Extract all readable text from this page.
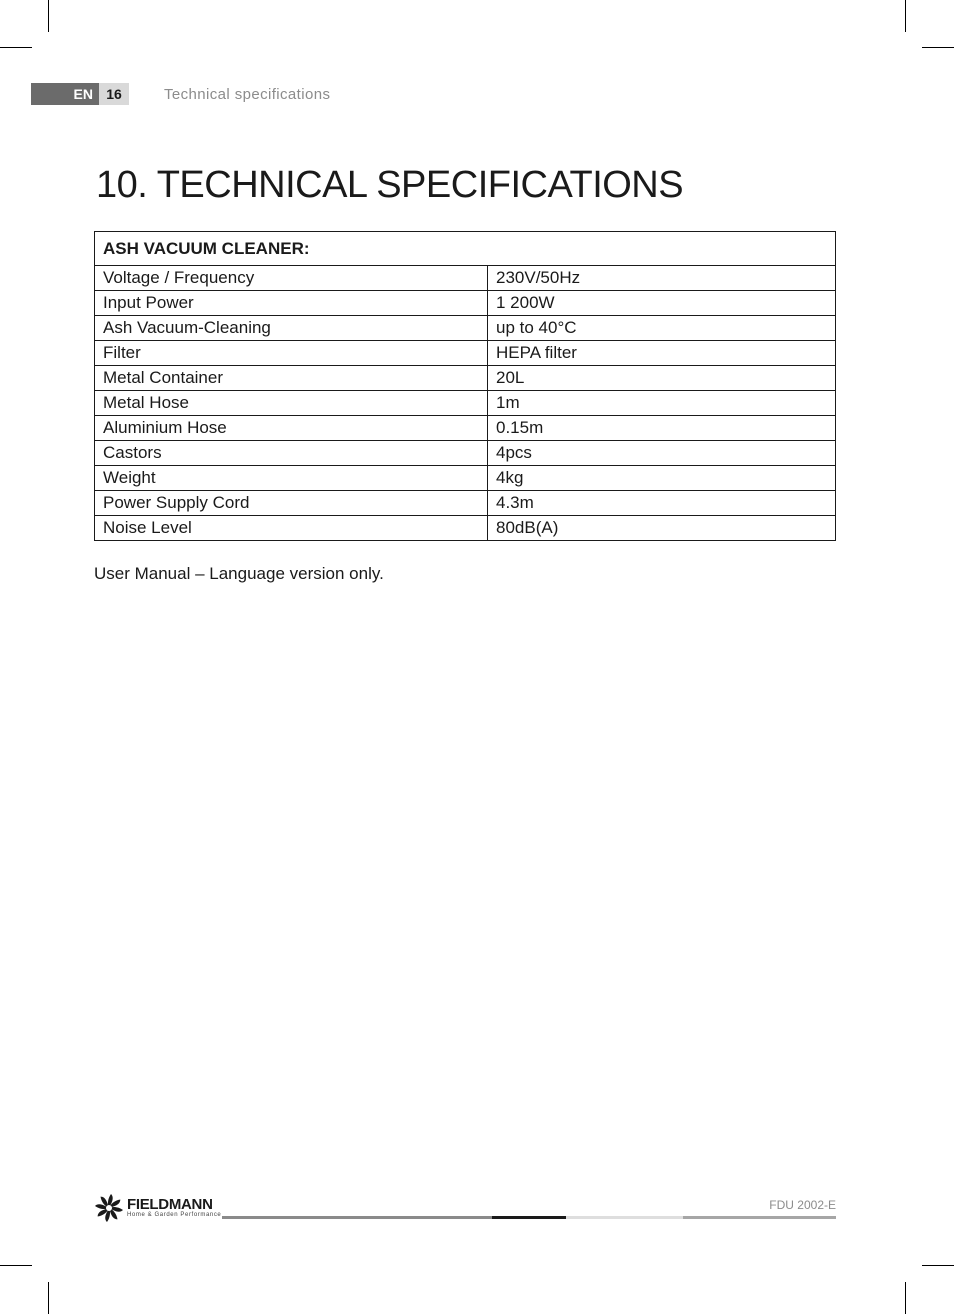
EN 16	Technical specifications
10. TECHNICAL SPECIFICATIONS
ASH VACUUM CLEANER:	
Voltage / Frequency	230V/50Hz
Input Power	1 200W
Ash Vacuum-Cleaning	up to 40°C
Filter	HEPA filter
Metal Container	20L
Metal Hose	1m
Aluminium Hose	0.15m
Castors	4pcs
Weight	4kg
Power Supply Cord	4.3m
Noise Level	80dB(A)
User Manual – Language version only.
FIELDMANN
Home & Garden Performance
FDU 2002-E
